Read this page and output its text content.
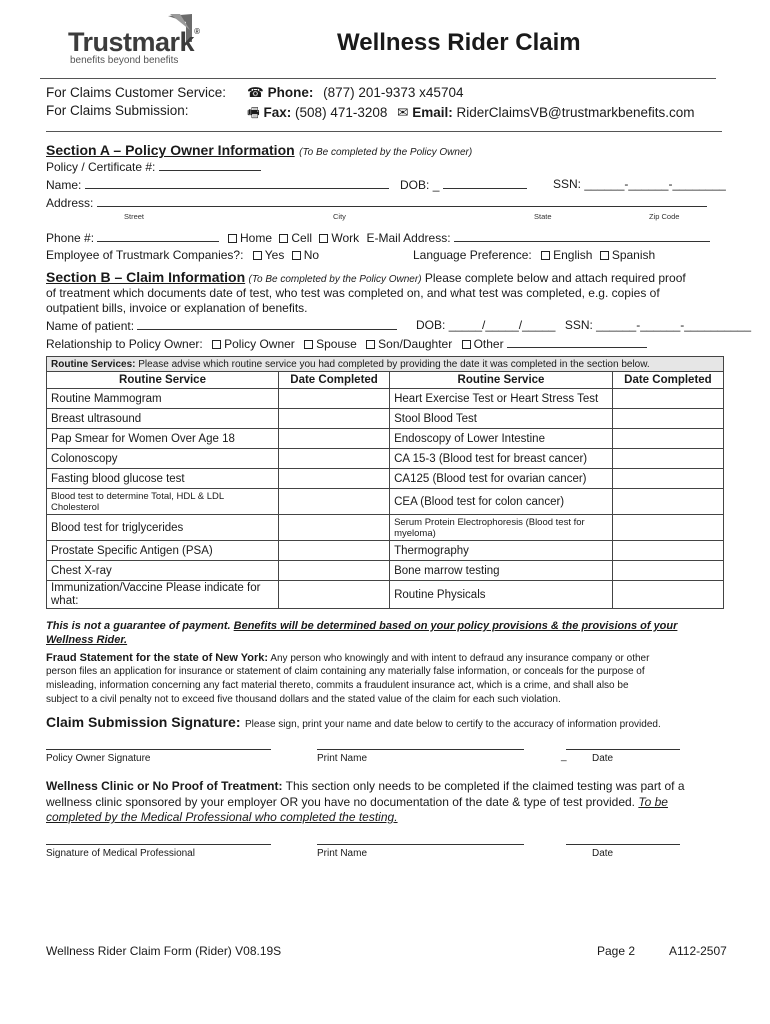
Trustmark®
benefits beyond benefits
Wellness Rider Claim
For Claims Customer Service: ☎ Phone: (877) 201-9373 x45704
For Claims Submission:	🖷 Fax: (508) 471-3208 ✉ Email: RiderClaimsVB@trustmarkbenefits.com
Section A – Policy Owner Information (To Be completed by the Policy Owner)
Policy / Certificate #:
Name:	DOB: _	SSN: ______-______-________
Address:
Street	City	State	Zip Code
Phone #:	Home Cell Work E-Mail Address:
Employee of Trustmark Companies?: Yes No	Language Preference: English Spanish
Section B – Claim Information (To Be completed by the Policy Owner) Please complete below and attach required proof
of treatment which documents date of test, who test was completed on, and what test was completed, e.g. copies of
outpatient bills, invoice or explanation of benefits.
Name of patient:	DOB: _____/_____/_____ SSN: ______-______-__________
Relationship to Policy Owner: Policy Owner Spouse Son/Daughter Other
Routine Services: Please advise which routine service you had completed by providing the date it was completed in the section below.			
Routine Service	Date Completed	Routine Service	Date Completed
Routine Mammogram		Heart Exercise Test or Heart Stress Test	
Breast ultrasound		Stool Blood Test	
Pap Smear for Women Over Age 18		Endoscopy of Lower Intestine	
Colonoscopy		CA 15-3 (Blood test for breast cancer)	
Fasting blood glucose test		CA125 (Blood test for ovarian cancer)	
Blood test to determine Total, HDL & LDL Cholesterol		CEA (Blood test for colon cancer)	
Blood test for triglycerides		Serum Protein Electrophoresis (Blood test for myeloma)	
Prostate Specific Antigen (PSA)		Thermography	
Chest X-ray		Bone marrow testing	
Immunization/Vaccine Please indicate for what:		Routine Physicals	
This is not a guarantee of payment. Benefits will be determined based on your policy provisions & the provisions of your
Wellness Rider.
Fraud Statement for the state of New York: Any person who knowingly and with intent to defraud any insurance company or other
person files an application for insurance or statement of claim containing any materially false information, or conceals for the purpose of
misleading, information concerning any fact material thereto, commits a fraudulent insurance act, which is a crime, and shall also be
subject to a civil penalty not to exceed five thousand dollars and the stated value of the claim for each such violation.
Claim Submission Signature: Please sign, print your name and date below to certify to the accuracy of information provided.
Policy Owner Signature	Print Name	_	Date
Wellness Clinic or No Proof of Treatment: This section only needs to be completed if the claimed testing was part of a
wellness clinic sponsored by your employer OR you have no documentation of the date & type of test provided. To be
completed by the Medical Professional who completed the testing.
Signature of Medical Professional	Print Name	Date
Wellness Rider Claim Form (Rider) V08.19S	Page 2	A112-2507
